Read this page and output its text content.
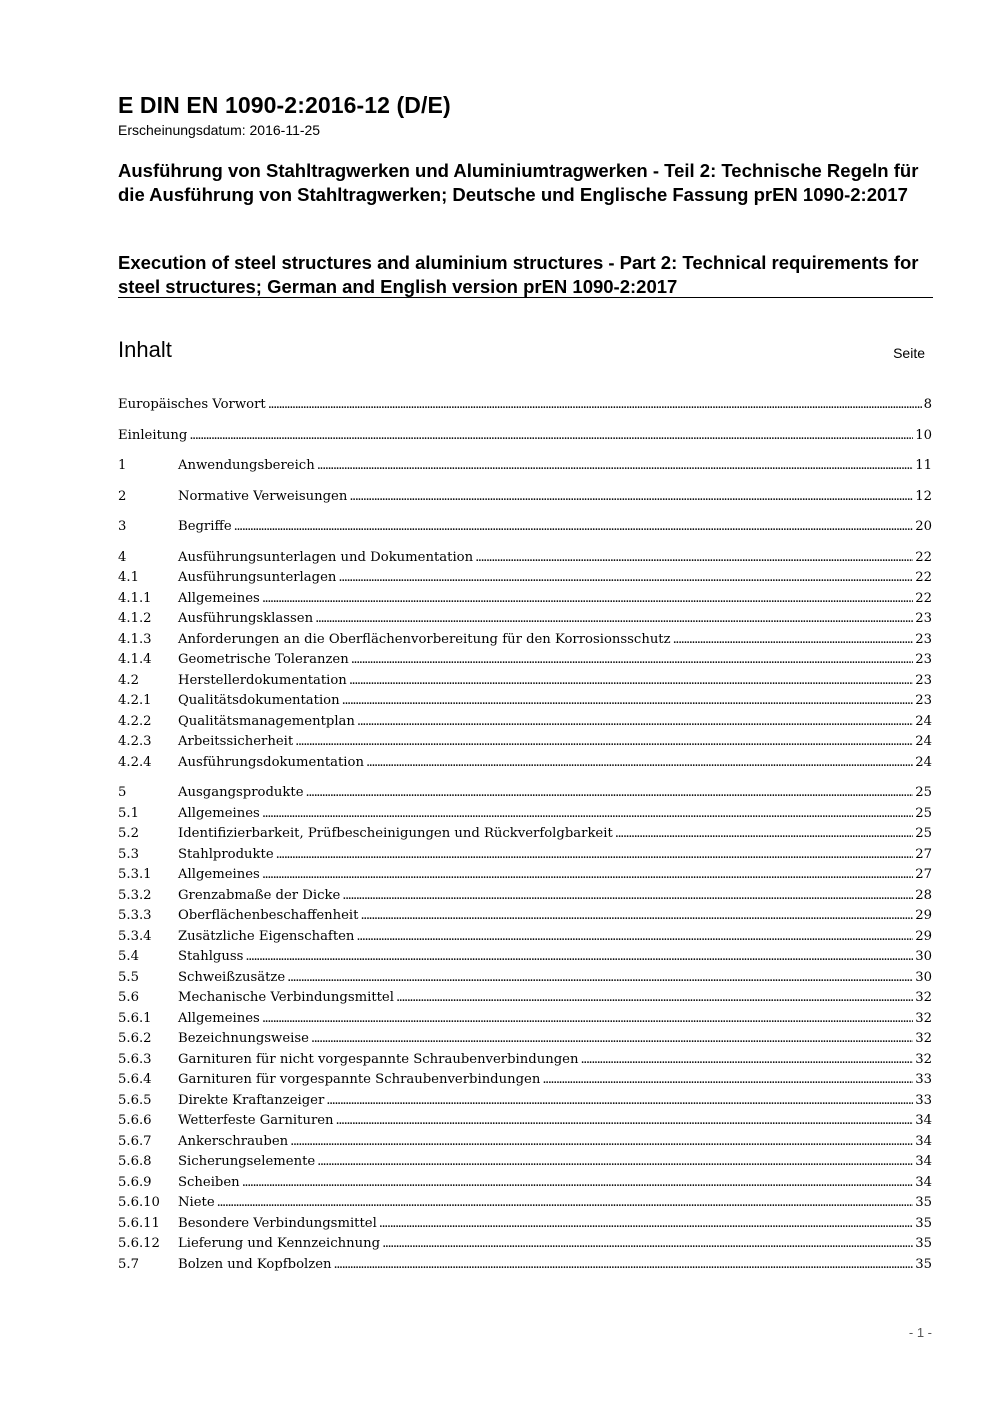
E DIN EN 1090-2:2016-12 (D/E)
Erscheinungsdatum: 2016-11-25
Ausführung von Stahltragwerken und Aluminiumtragwerken - Teil 2: Technische Regeln für die Ausführung von Stahltragwerken; Deutsche und Englische Fassung prEN 1090-2:2017
Execution of steel structures and aluminium structures - Part 2: Technical requirements for steel structures; German and English version prEN 1090-2:2017
Inhalt	Seite
Europäisches Vorwort .....	8
Einleitung .....	10
1	Anwendungsbereich .....	11
2	Normative Verweisungen .....	12
3	Begriffe .....	20
4	Ausführungsunterlagen und Dokumentation .....	22
4.1	Ausführungsunterlagen .....	22
4.1.1	Allgemeines .....	22
4.1.2	Ausführungsklassen .....	23
4.1.3	Anforderungen an die Oberflächenvorbereitung für den Korrosionsschutz .....	23
4.1.4	Geometrische Toleranzen .....	23
4.2	Herstellerdokumentation .....	23
4.2.1	Qualitätsdokumentation .....	23
4.2.2	Qualitätsmanagementplan .....	24
4.2.3	Arbeitssicherheit .....	24
4.2.4	Ausführungsdokumentation .....	24
5	Ausgangsprodukte .....	25
5.1	Allgemeines .....	25
5.2	Identifizierbarkeit, Prüfbescheinigungen und Rückverfolgbarkeit .....	25
5.3	Stahlprodukte .....	27
5.3.1	Allgemeines .....	27
5.3.2	Grenzabmaße der Dicke .....	28
5.3.3	Oberflächenbeschaffenheit .....	29
5.3.4	Zusätzliche Eigenschaften .....	29
5.4	Stahlguss .....	30
5.5	Schweißzusätze .....	30
5.6	Mechanische Verbindungsmittel .....	32
5.6.1	Allgemeines .....	32
5.6.2	Bezeichnungsweise .....	32
5.6.3	Garnituren für nicht vorgespannte Schraubenverbindungen .....	32
5.6.4	Garnituren für vorgespannte Schraubenverbindungen .....	33
5.6.5	Direkte Kraftanzeiger .....	33
5.6.6	Wetterfeste Garnituren .....	34
5.6.7	Ankerschrauben .....	34
5.6.8	Sicherungselemente .....	34
5.6.9	Scheiben .....	34
5.6.10	Niete .....	35
5.6.11	Besondere Verbindungsmittel .....	35
5.6.12	Lieferung und Kennzeichnung .....	35
5.7	Bolzen und Kopfbolzen .....	35
- 1 -
